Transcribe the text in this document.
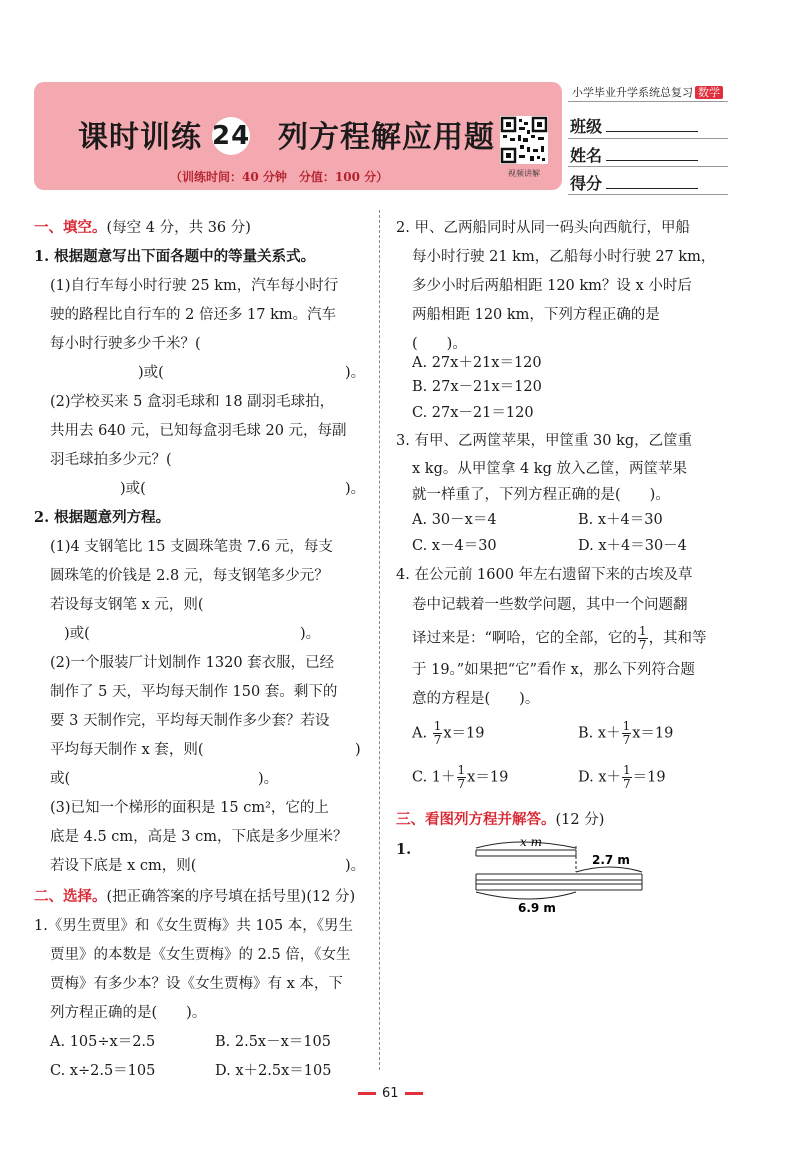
课时训练 24 列方程解应用题
（训练时间：40 分钟　分值：100 分）	视频讲解
小学毕业升学系统总复习 数学
班级
姓名
得分
一、填空。(每空 4 分，共 36 分)
1. 根据题意写出下面各题中的等量关系式。
(1)自行车每小时行驶 25 km，汽车每小时行
驶的路程比自行车的 2 倍还多 17 km。汽车
每小时行驶多少千米？(
)或(	)。
(2)学校买来 5 盒羽毛球和 18 副羽毛球拍，
共用去 640 元，已知每盒羽毛球 20 元，每副
羽毛球拍多少元？(
)或(	)。
2. 根据题意列方程。
(1)4 支钢笔比 15 支圆珠笔贵 7.6 元，每支
圆珠笔的价钱是 2.8 元，每支钢笔多少元？
若设每支钢笔 x 元，则(
)或(	)。
(2)一个服装厂计划制作 1320 套衣服，已经
制作了 5 天，平均每天制作 150 套。剩下的
要 3 天制作完，平均每天制作多少套？若设
平均每天制作 x 套，则(	)
或(	)。
(3)已知一个梯形的面积是 15 cm²，它的上
底是 4.5 cm，高是 3 cm，下底是多少厘米？
若设下底是 x cm，则(	)。
二、选择。(把正确答案的序号填在括号里)(12 分)
1.《男生贾里》和《女生贾梅》共 105 本，《男生
贾里》的本数是《女生贾梅》的 2.5 倍，《女生
贾梅》有多少本？设《女生贾梅》有 x 本，下
列方程正确的是(　　)。
A. 105÷x＝2.5	B. 2.5x－x＝105
C. x÷2.5＝105	D. x＋2.5x＝105
2. 甲、乙两船同时从同一码头向西航行，甲船
每小时行驶 21 km，乙船每小时行驶 27 km，
多少小时后两船相距 120 km？设 x 小时后
两船相距 120 km，下列方程正确的是
(　　)。
A. 27x＋21x＝120
B. 27x－21x＝120
C. 27x－21＝120
3. 有甲、乙两筐苹果，甲筐重 30 kg，乙筐重
x kg。从甲筐拿 4 kg 放入乙筐，两筐苹果
就一样重了，下列方程正确的是(　　)。
A. 30－x＝4	B. x＋4＝30
C. x－4＝30	D. x＋4＝30－4
4. 在公元前 1600 年左右遗留下来的古埃及草
卷中记载着一些数学问题，其中一个问题翻
译过来是：“啊哈，它的全部，它的 $\frac{1}{7}$ ，其和等
于 19。”如果把“它”看作 x，那么下列符合题
意的方程是(　　)。
A. $\frac{1}{7} x=19$	B. $x+ \frac{1}{7} x=19$
C. $1+ \frac{1}{7} x=19$	D. $x+ \frac{1}{7} =19$
三、看图列方程并解答。(12 分)
1.	x m
2.7 m
6.9 m
61
